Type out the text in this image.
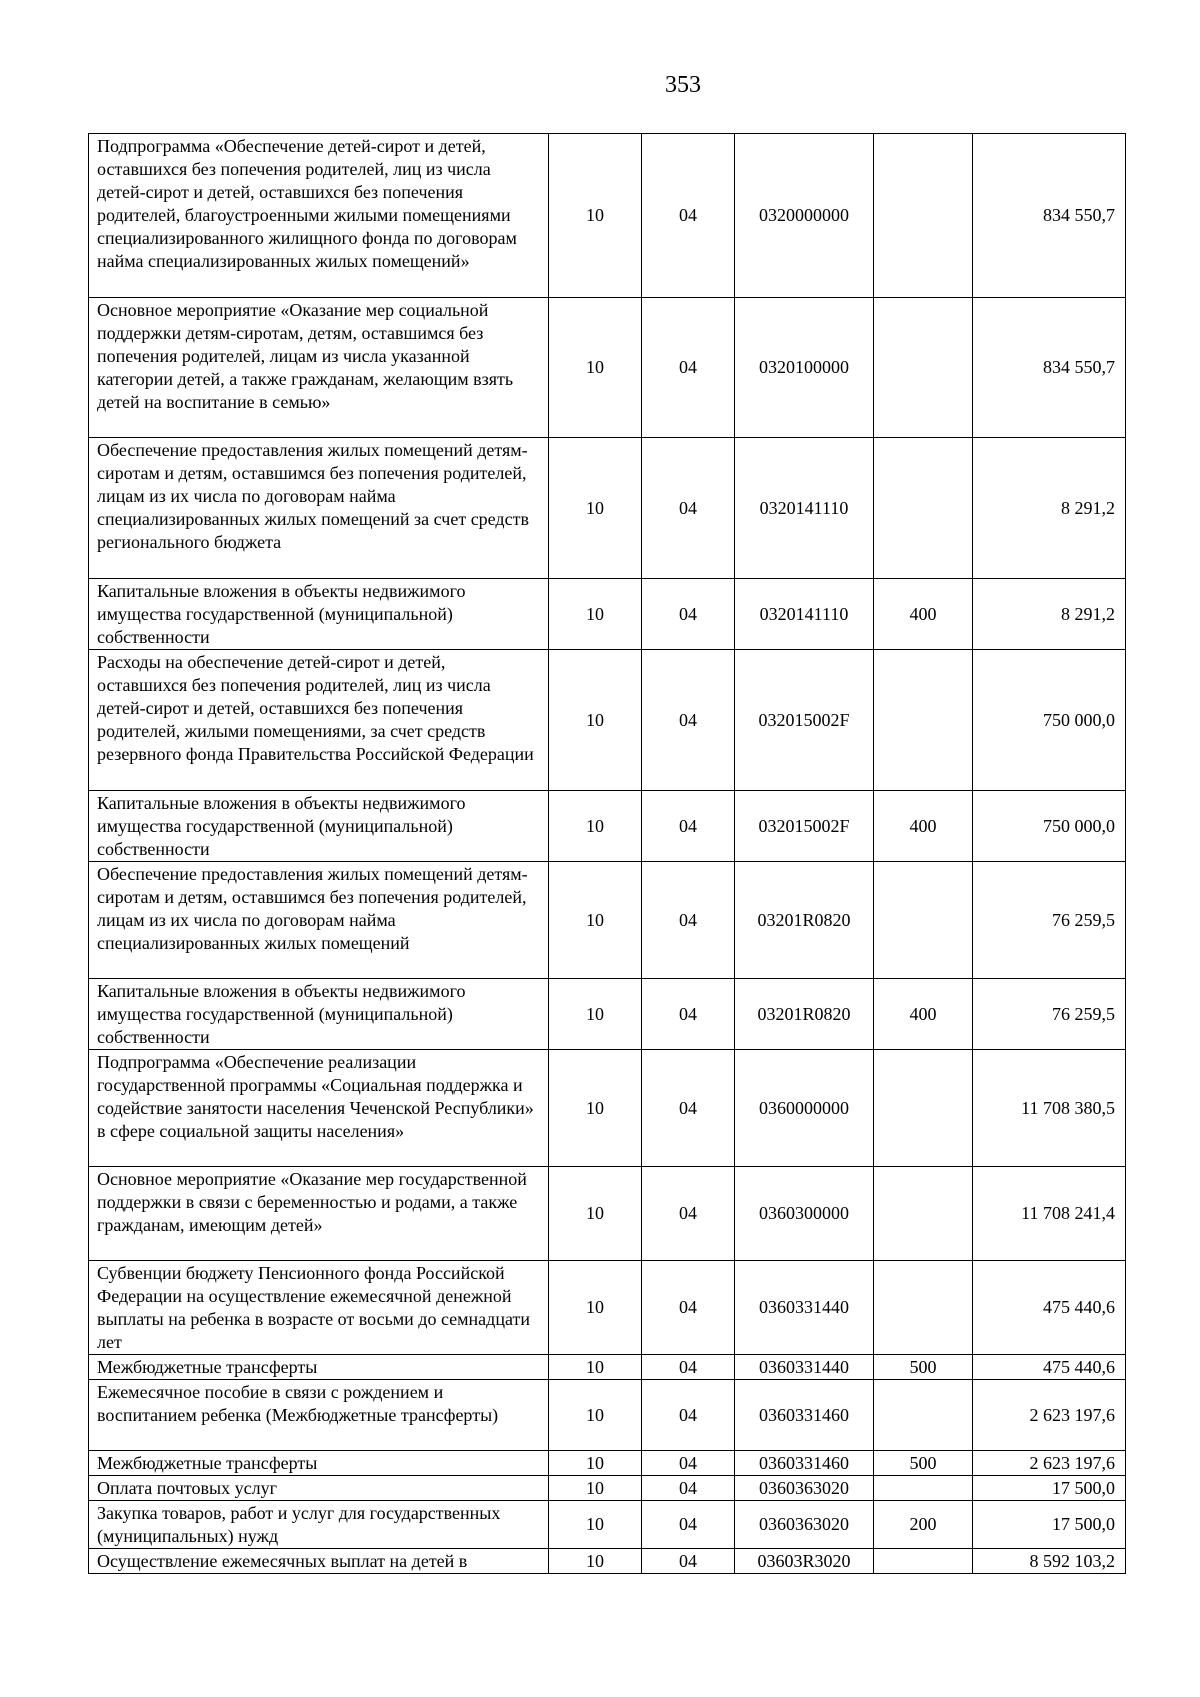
353
Подпрограмма «Обеспечение детей-сирот и детей, оставшихся без попечения родителей, лиц из числа детей-сирот и детей, оставшихся без попечения родителей, благоустроенными жилыми помещениями специализированного жилищного фонда по договорам найма специализированных жилых помещений»	10	04	0320000000		834 550,7
Основное мероприятие «Оказание мер социальной поддержки детям-сиротам, детям, оставшимся без попечения родителей, лицам из числа указанной категории детей, а также гражданам, желающим взять детей на воспитание в семью»	10	04	0320100000		834 550,7
Обеспечение предоставления жилых помещений детям-сиротам и детям, оставшимся без попечения родителей, лицам из их числа по договорам найма специализированных жилых помещений за счет средств регионального бюджета	10	04	0320141110		8 291,2
Капитальные вложения в объекты недвижимого имущества государственной (муниципальной) собственности	10	04	0320141110	400	8 291,2
Расходы на обеспечение детей-сирот и детей, оставшихся без попечения родителей, лиц из числа детей-сирот и детей, оставшихся без попечения родителей, жилыми помещениями, за счет средств резервного фонда Правительства Российской Федерации	10	04	032015002F		750 000,0
Капитальные вложения в объекты недвижимого имущества государственной (муниципальной) собственности	10	04	032015002F	400	750 000,0
Обеспечение предоставления жилых помещений детям-сиротам и детям, оставшимся без попечения родителей, лицам из их числа по договорам найма специализированных жилых помещений	10	04	03201R0820		76 259,5
Капитальные вложения в объекты недвижимого имущества государственной (муниципальной) собственности	10	04	03201R0820	400	76 259,5
Подпрограмма «Обеспечение реализации государственной программы «Социальная поддержка и содействие занятости населения Чеченской Республики» в сфере социальной защиты населения»	10	04	0360000000		11 708 380,5
Основное мероприятие «Оказание мер государственной поддержки в связи с беременностью и родами, а также гражданам, имеющим детей»	10	04	0360300000		11 708 241,4
Субвенции бюджету Пенсионного фонда Российской Федерации на осуществление ежемесячной денежной выплаты на ребенка в возрасте от восьми до семнадцати лет	10	04	0360331440		475 440,6
Межбюджетные трансферты	10	04	0360331440	500	475 440,6
Ежемесячное пособие в связи с рождением и воспитанием ребенка (Межбюджетные трансферты)	10	04	0360331460		2 623 197,6
Межбюджетные трансферты	10	04	0360331460	500	2 623 197,6
Оплата почтовых услуг	10	04	0360363020		17 500,0
Закупка товаров, работ и услуг для государственных (муниципальных) нужд	10	04	0360363020	200	17 500,0
Осуществление ежемесячных выплат на детей в	10	04	03603R3020		8 592 103,2
